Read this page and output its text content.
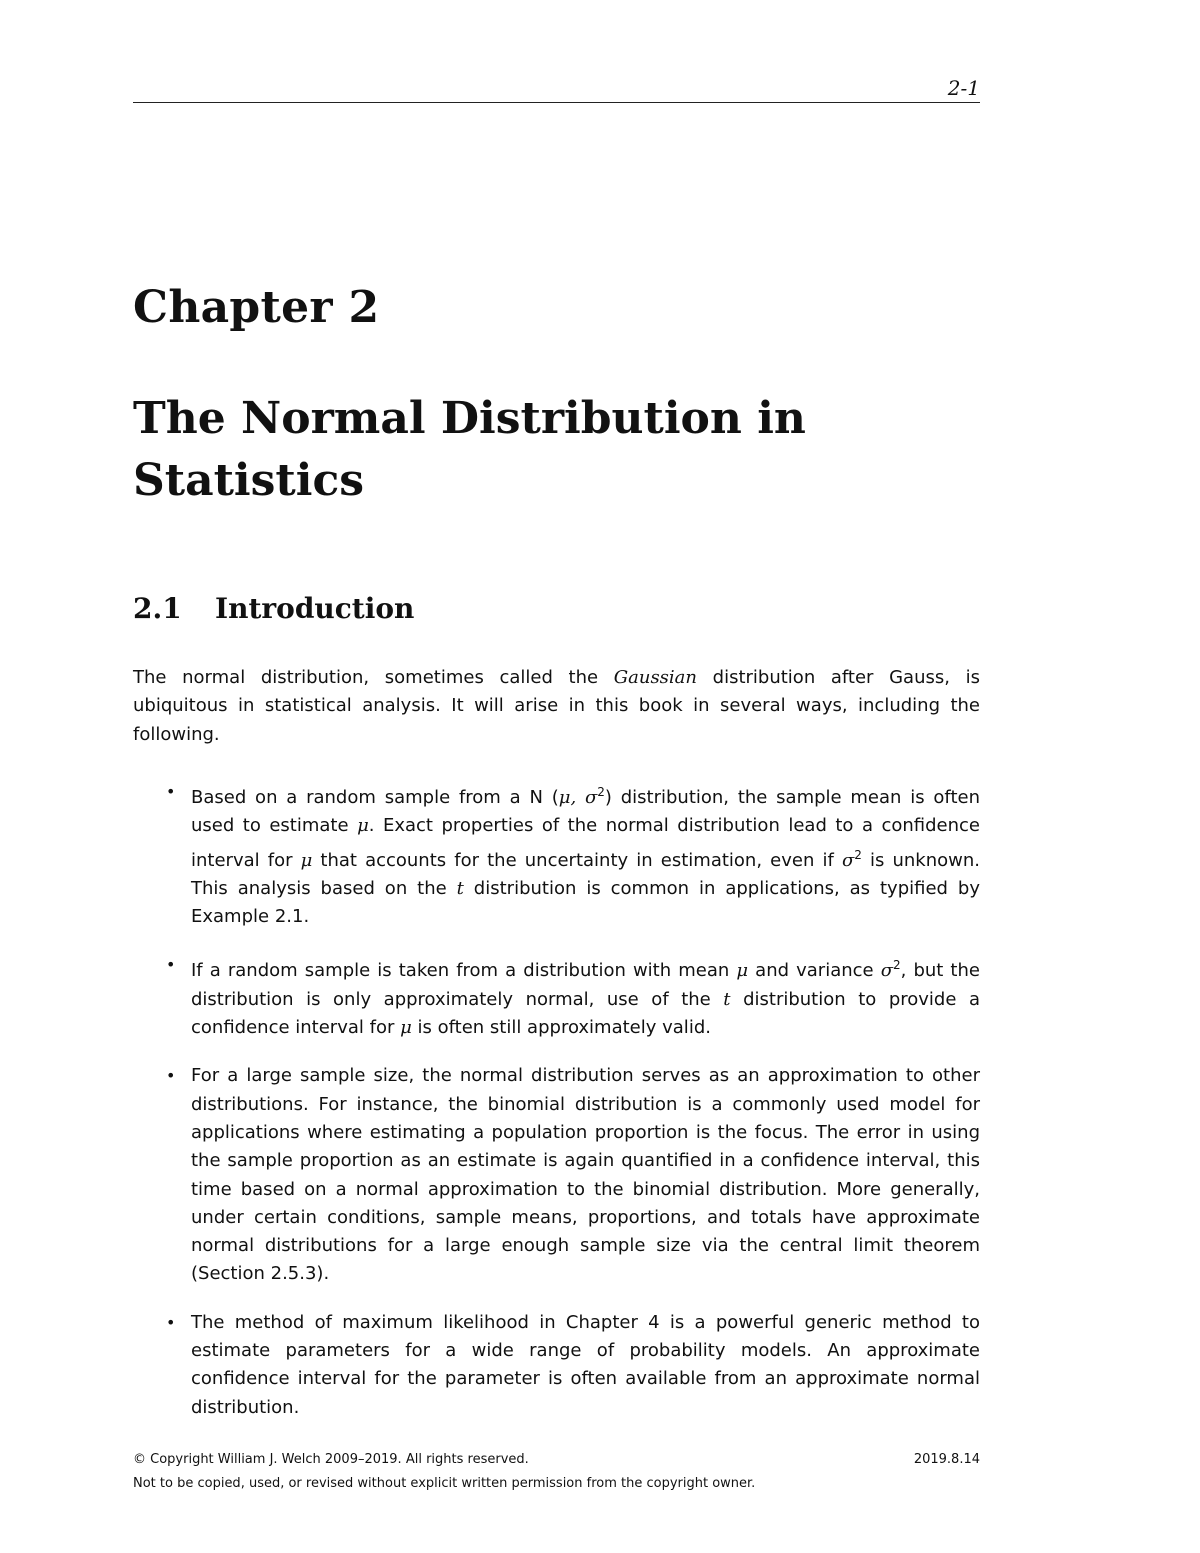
2-1
Chapter 2
The Normal Distribution in Statistics
2.1 Introduction

The normal distribution, sometimes called the Gaussian distribution after Gauss, is ubiquitous in statistical analysis. It will arise in this book in several ways, including the following.

• Based on a random sample from a N (μ, $\sigma^2$) distribution, the sample mean is often used to estimate μ. Exact properties of the normal distribution lead to a confidence interval for μ that accounts for the uncertainty in estimation, even if $\sigma^2$ is unknown. This analysis based on the t distribution is common in applications, as typified by Example 2.1.
• If a random sample is taken from a distribution with mean μ and variance $\sigma^2$, but the distribution is only approximately normal, use of the t distribution to provide a confidence interval for μ is often still approximately valid.
• For a large sample size, the normal distribution serves as an approximation to other distributions. For instance, the binomial distribution is a commonly used model for applications where estimating a population proportion is the focus. The error in using the sample proportion as an estimate is again quantified in a confidence interval, this time based on a normal approximation to the binomial distribution. More generally, under certain conditions, sample means, proportions, and totals have approximate normal distributions for a large enough sample size via the central limit theorem (Section 2.5.3).
• The method of maximum likelihood in Chapter 4 is a powerful generic method to estimate parameters for a wide range of probability models. An approximate confidence interval for the parameter is often available from an approximate normal distribution.
© Copyright William J. Welch 2009–2019. All rights reserved.	2019.8.14
Not to be copied, used, or revised without explicit written permission from the copyright owner.
